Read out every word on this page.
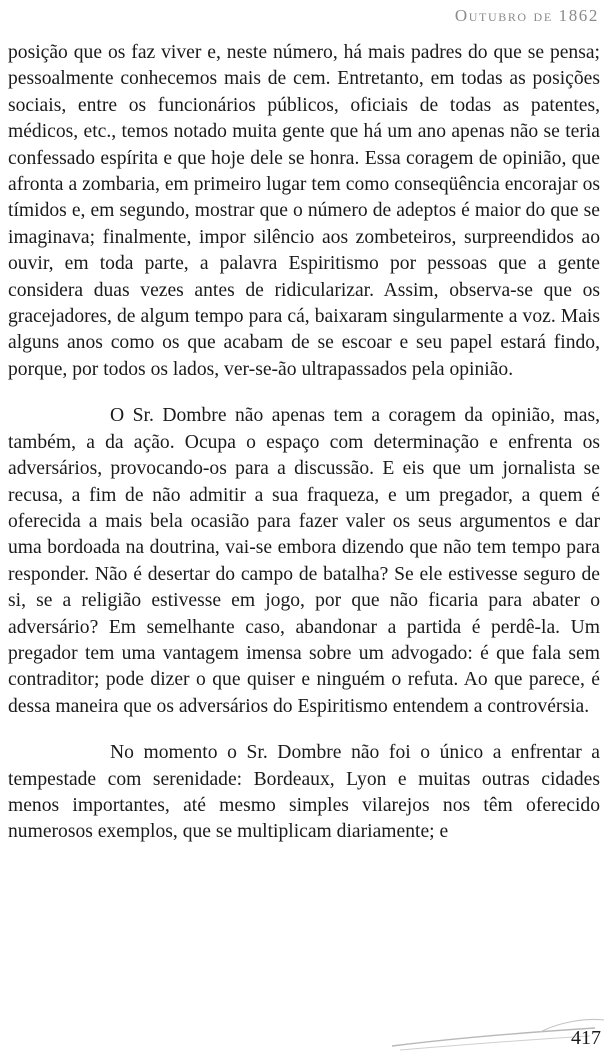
Outubro de 1862

posição que os faz viver e, neste número, há mais padres do que se pensa; pessoalmente conhecemos mais de cem. Entretanto, em todas as posições sociais, entre os funcionários públicos, oficiais de todas as patentes, médicos, etc., temos notado muita gente que há um ano apenas não se teria confessado espírita e que hoje dele se honra. Essa coragem de opinião, que afronta a zombaria, em primeiro lugar tem como conseqüência encorajar os tímidos e, em segundo, mostrar que o número de adeptos é maior do que se imaginava; finalmente, impor silêncio aos zombeteiros, surpreendidos ao ouvir, em toda parte, a palavra Espiritismo por pessoas que a gente considera duas vezes antes de ridicularizar. Assim, observa-se que os gracejadores, de algum tempo para cá, baixaram singularmente a voz. Mais alguns anos como os que acabam de se escoar e seu papel estará findo, porque, por todos os lados, ver-se-ão ultrapassados pela opinião.

O Sr. Dombre não apenas tem a coragem da opinião, mas, também, a da ação. Ocupa o espaço com determinação e enfrenta os adversários, provocando-os para a discussão. E eis que um jornalista se recusa, a fim de não admitir a sua fraqueza, e um pregador, a quem é oferecida a mais bela ocasião para fazer valer os seus argumentos e dar uma bordoada na doutrina, vai-se embora dizendo que não tem tempo para responder. Não é desertar do campo de batalha? Se ele estivesse seguro de si, se a religião estivesse em jogo, por que não ficaria para abater o adversário? Em semelhante caso, abandonar a partida é perdê-la. Um pregador tem uma vantagem imensa sobre um advogado: é que fala sem contraditor; pode dizer o que quiser e ninguém o refuta. Ao que parece, é dessa maneira que os adversários do Espiritismo entendem a controvérsia.

No momento o Sr. Dombre não foi o único a enfrentar a tempestade com serenidade: Bordeaux, Lyon e muitas outras cidades menos importantes, até mesmo simples vilarejos nos têm oferecido numerosos exemplos, que se multiplicam diariamente; e

417
